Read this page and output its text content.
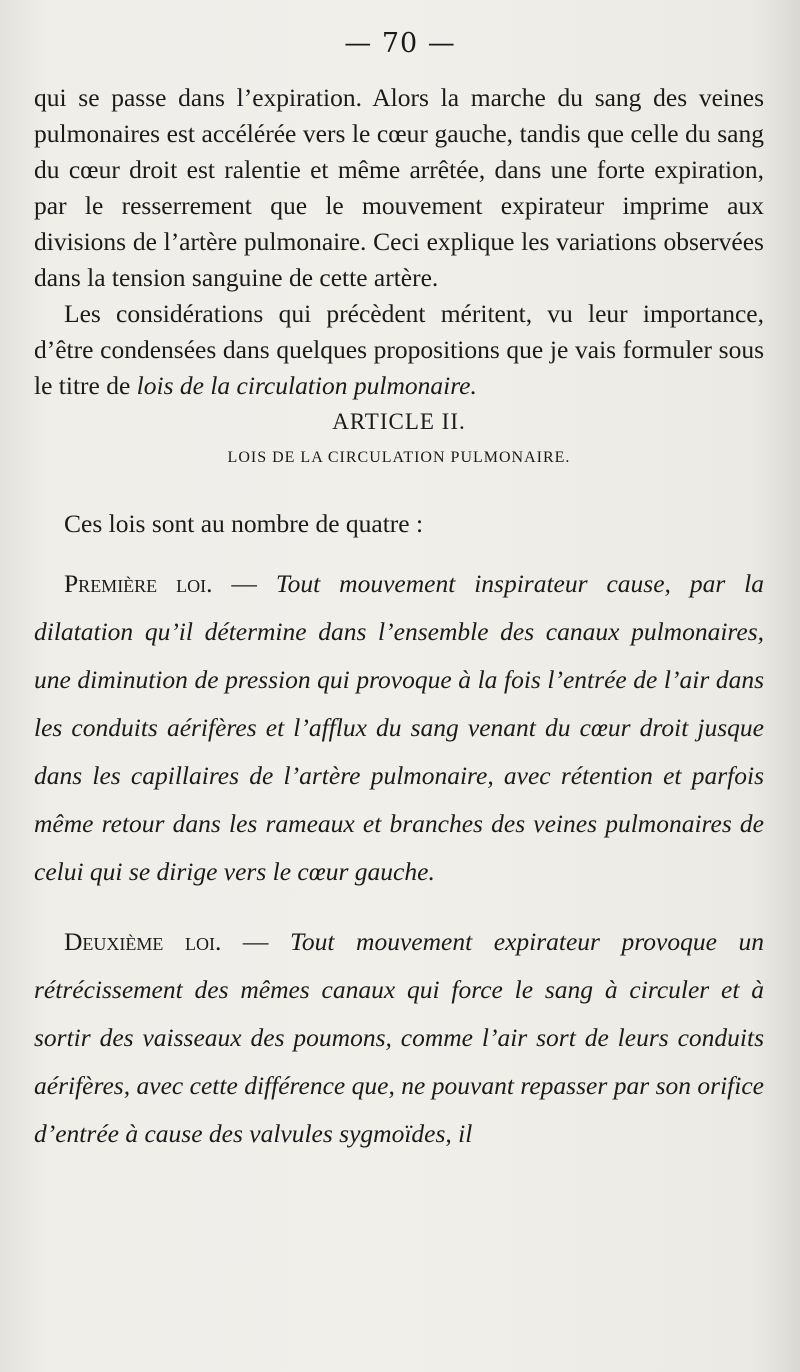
— 70 —

qui se passe dans l’expiration. Alors la marche du sang des veines pulmonaires est accélérée vers le cœur gauche, tandis que celle du sang du cœur droit est ralentie et même arrêtée, dans une forte expiration, par le resserrement que le mouvement expirateur imprime aux divisions de l’artère pulmonaire. Ceci explique les variations observées dans la tension sanguine de cette artère.

Les considérations qui précèdent méritent, vu leur importance, d’être condensées dans quelques propositions que je vais formuler sous le titre de lois de la circulation pulmonaire.

ARTICLE II.

LOIS DE LA CIRCULATION PULMONAIRE.

Ces lois sont au nombre de quatre :

Première loi. — Tout mouvement inspirateur cause, par la dilatation qu’il détermine dans l’ensemble des canaux pulmonaires, une diminution de pression qui provoque à la fois l’entrée de l’air dans les conduits aérifères et l’afflux du sang venant du cœur droit jusque dans les capillaires de l’artère pulmonaire, avec rétention et parfois même retour dans les rameaux et branches des veines pulmonaires de celui qui se dirige vers le cœur gauche.

Deuxième loi. — Tout mouvement expirateur provoque un rétrécissement des mêmes canaux qui force le sang à circuler et à sortir des vaisseaux des poumons, comme l’air sort de leurs conduits aérifères, avec cette différence que, ne pouvant repasser par son orifice d’entrée à cause des valvules sygmoïdes, il
